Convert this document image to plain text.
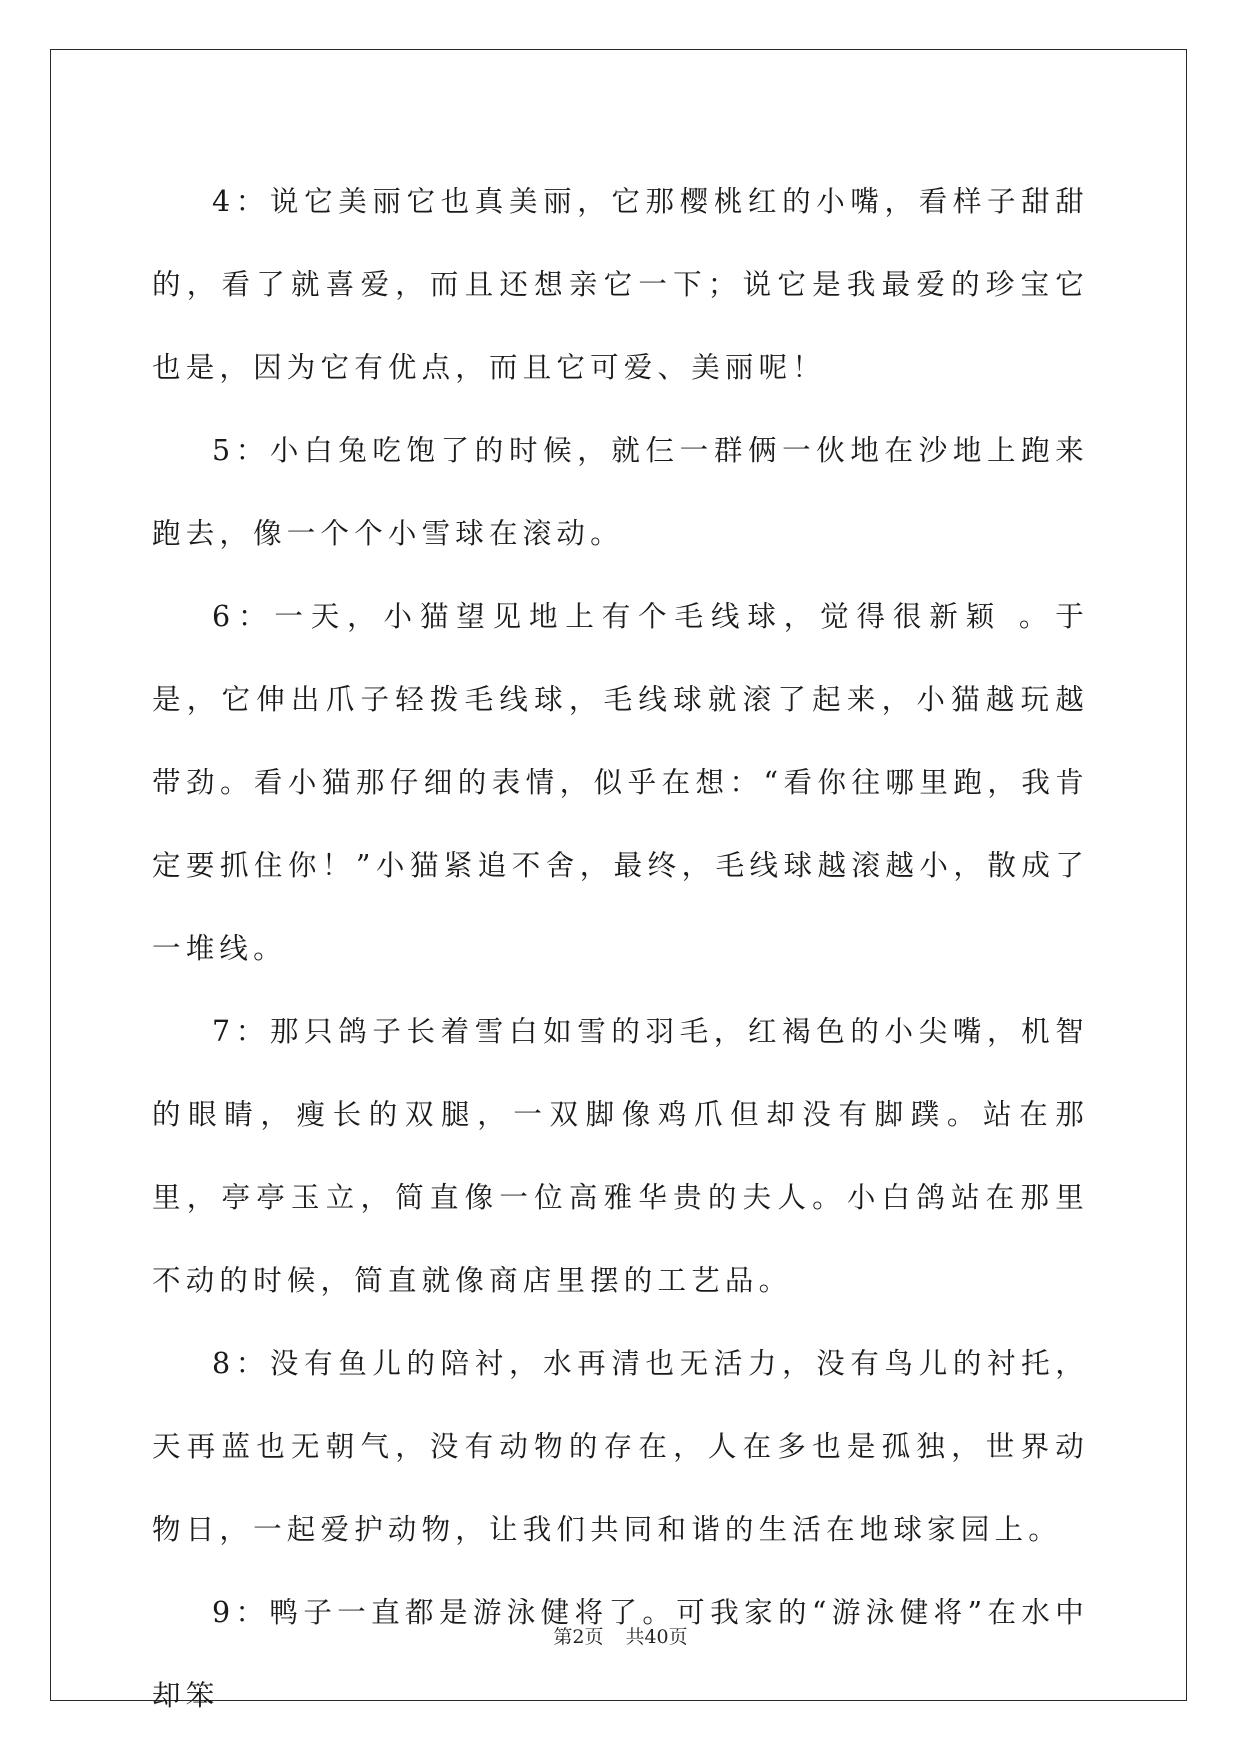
4：说它美丽它也真美丽，它那樱桃红的小嘴，看样子甜甜的，看了就喜爱，而且还想亲它一下；说它是我最爱的珍宝它也是，因为它有优点，而且它可爱、美丽呢！

5：小白兔吃饱了的时候，就仨一群俩一伙地在沙地上跑来跑去，像一个个小雪球在滚动。

6：一天，小猫望见地上有个毛线球，觉得很新颖 。于是，它伸出爪子轻拨毛线球，毛线球就滚了起来，小猫越玩越带劲。看小猫那仔细的表情，似乎在想：“看你往哪里跑，我肯定要抓住你！”小猫紧追不舍，最终，毛线球越滚越小，散成了一堆线。

7：那只鸽子长着雪白如雪的羽毛，红褐色的小尖嘴，机智的眼睛，瘦长的双腿，一双脚像鸡爪但却没有脚蹼。站在那里，亭亭玉立，简直像一位高雅华贵的夫人。小白鸽站在那里不动的时候，简直就像商店里摆的工艺品。

8：没有鱼儿的陪衬，水再清也无活力，没有鸟儿的衬托，天再蓝也无朝气，没有动物的存在，人在多也是孤独，世界动物日，一起爱护动物，让我们共同和谐的生活在地球家园上。

9：鸭子一直都是游泳健将了。可我家的“游泳健将”在水中却笨

第2页 共40页
